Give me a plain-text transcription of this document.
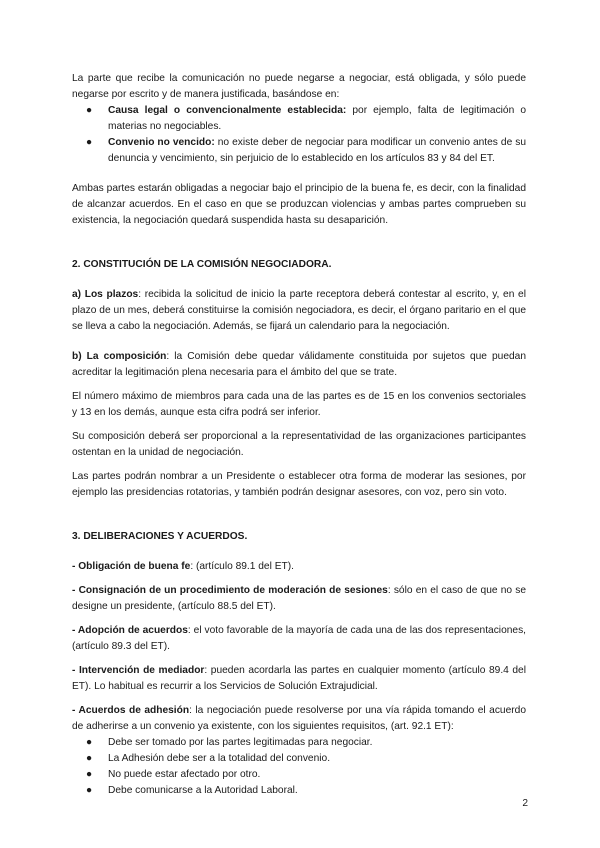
La parte que recibe la comunicación no puede negarse a negociar, está obligada, y sólo puede negarse por escrito y de manera justificada, basándose en:

● Causa legal o convencionalmente establecida: por ejemplo, falta de legitimación o materias no negociables.
● Convenio no vencido: no existe deber de negociar para modificar un convenio antes de su denuncia y vencimiento, sin perjuicio de lo establecido en los artículos 83 y 84 del ET.

Ambas partes estarán obligadas a negociar bajo el principio de la buena fe, es decir, con la finalidad de alcanzar acuerdos. En el caso en que se produzcan violencias y ambas partes comprueben su existencia, la negociación quedará suspendida hasta su desaparición.

2. CONSTITUCIÓN DE LA COMISIÓN NEGOCIADORA.

a) Los plazos: recibida la solicitud de inicio la parte receptora deberá contestar al escrito, y, en el plazo de un mes, deberá constituirse la comisión negociadora, es decir, el órgano paritario en el que se lleva a cabo la negociación. Además, se fijará un calendario para la negociación.

b) La composición: la Comisión debe quedar válidamente constituida por sujetos que puedan acreditar la legitimación plena necesaria para el ámbito del que se trate.

El número máximo de miembros para cada una de las partes es de 15 en los convenios sectoriales y 13 en los demás, aunque esta cifra podrá ser inferior.

Su composición deberá ser proporcional a la representatividad de las organizaciones participantes ostentan en la unidad de negociación.

Las partes podrán nombrar a un Presidente o establecer otra forma de moderar las sesiones, por ejemplo las presidencias rotatorias, y también podrán designar asesores, con voz, pero sin voto.

3. DELIBERACIONES Y ACUERDOS.

- Obligación de buena fe: (artículo 89.1 del ET).

- Consignación de un procedimiento de moderación de sesiones: sólo en el caso de que no se designe un presidente, (artículo 88.5 del ET).

- Adopción de acuerdos: el voto favorable de la mayoría de cada una de las dos representaciones, (artículo 89.3 del ET).

- Intervención de mediador: pueden acordarla las partes en cualquier momento (artículo 89.4 del ET). Lo habitual es recurrir a los Servicios de Solución Extrajudicial.

- Acuerdos de adhesión: la negociación puede resolverse por una vía rápida tomando el acuerdo de adherirse a un convenio ya existente, con los siguientes requisitos, (art. 92.1 ET):

● Debe ser tomado por las partes legitimadas para negociar.
● La Adhesión debe ser a la totalidad del convenio.
● No puede estar afectado por otro.
● Debe comunicarse a la Autoridad Laboral.
2
